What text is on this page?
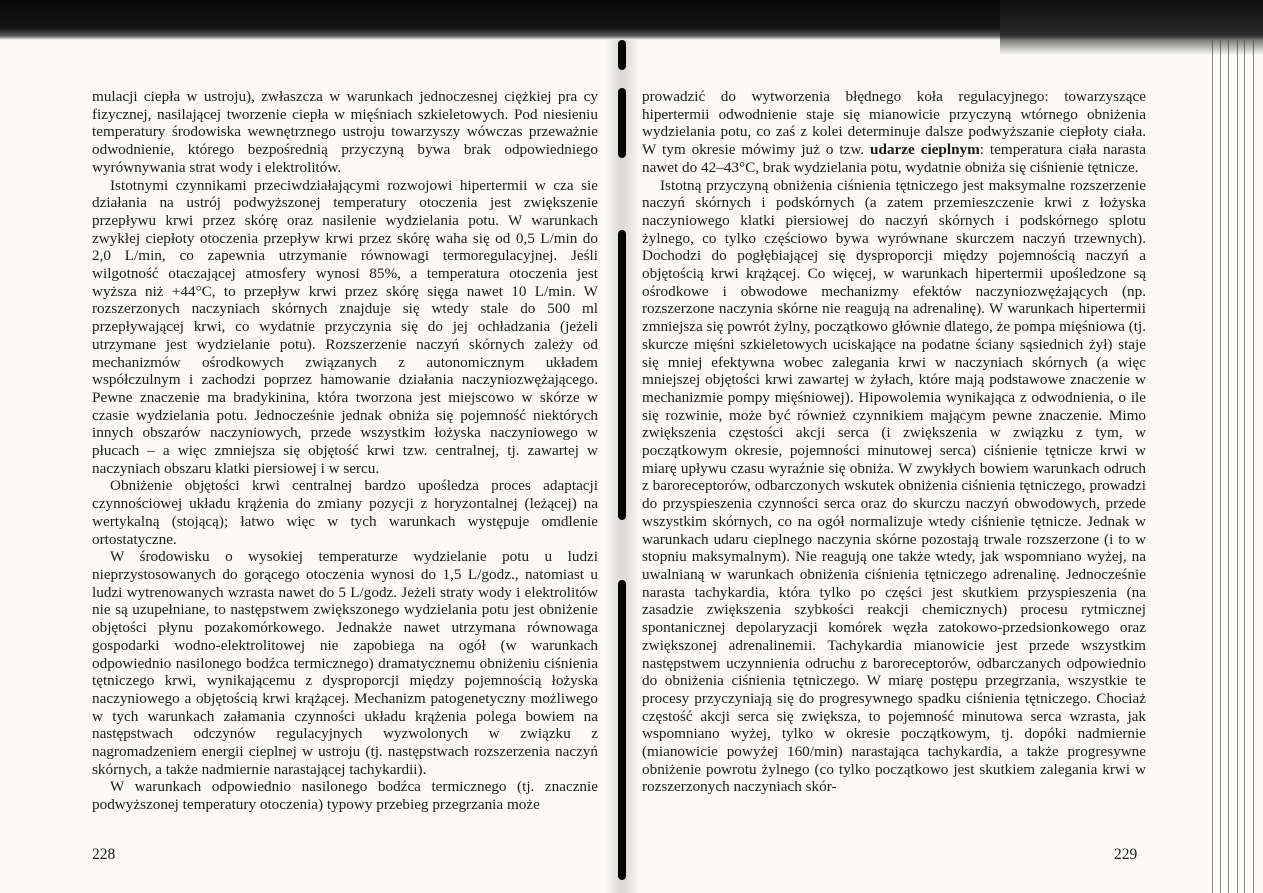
mulacji ciepła w ustroju), zwłaszcza w warunkach jednoczesnej ciężkiej pra cy fizycznej, nasilającej tworzenie ciepła w mięśniach szkieletowych. Pod niesieniu temperatury środowiska wewnętrznego ustroju towarzyszy wówczas przeważnie odwodnienie, którego bezpośrednią przyczyną bywa brak odpowiedniego wyrównywania strat wody i elektrolitów.

Istotnymi czynnikami przeciwdziałającymi rozwojowi hipertermii w cza sie działania na ustrój podwyższonej temperatury otoczenia jest zwiększenie przepływu krwi przez skórę oraz nasilenie wydzielania potu. W warunkach zwykłej ciepłoty otoczenia przepływ krwi przez skórę waha się od 0,5 L/min do 2,0 L/min, co zapewnia utrzymanie równowagi termoregulacyjnej. Jeśli wilgotność otaczającej atmosfery wynosi 85%, a temperatura otoczenia jest wyższa niż +44°C, to przepływ krwi przez skórę sięga nawet 10 L/min. W rozszerzonych naczyniach skórnych znajduje się wtedy stale do 500 ml przepływającej krwi, co wydatnie przyczynia się do jej ochładzania (jeżeli utrzymane jest wydzielanie potu). Rozszerzenie naczyń skórnych zależy od mechanizmów ośrodkowych związanych z autonomicznym układem współczulnym i zachodzi poprzez hamowanie działania naczyniozwężającego. Pewne znaczenie ma bradykinina, która tworzona jest miejscowo w skórze w czasie wydzielania potu. Jednocześnie jednak obniża się pojemność niektórych innych obszarów naczyniowych, przede wszystkim łożyska naczyniowego w płucach – a więc zmniejsza się objętość krwi tzw. centralnej, tj. zawartej w naczyniach obszaru klatki piersiowej i w sercu.

Obniżenie objętości krwi centralnej bardzo upośledza proces adaptacji czynnościowej układu krążenia do zmiany pozycji z horyzontalnej (leżącej) na wertykalną (stojącą); łatwo więc w tych warunkach występuje omdlenie ortostatyczne.

W środowisku o wysokiej temperaturze wydzielanie potu u ludzi nieprzystosowanych do gorącego otoczenia wynosi do 1,5 L/godz., natomiast u ludzi wytrenowanych wzrasta nawet do 5 L/godz. Jeżeli straty wody i elektrolitów nie są uzupełniane, to następstwem zwiększonego wydzielania potu jest obniżenie objętości płynu pozakomórkowego. Jednakże nawet utrzymana równowaga gospodarki wodno-elektrolitowej nie zapobiega na ogół (w warunkach odpowiednio nasilonego bodźca termicznego) dramatycznemu obniżeniu ciśnienia tętniczego krwi, wynikającemu z dysproporcji między pojemnością łożyska naczyniowego a objętością krwi krążącej. Mechanizm patogenetyczny możliwego w tych warunkach załamania czynności układu krążenia polega bowiem na następstwach odczynów regulacyjnych wyzwolonych w związku z nagromadzeniem energii cieplnej w ustroju (tj. następstwach rozszerzenia naczyń skórnych, a także nadmiernie narastającej tachykardii).

W warunkach odpowiednio nasilonego bodźca termicznego (tj. znacznie podwyższonej temperatury otoczenia) typowy przebieg przegrzania może

228

prowadzić do wytworzenia błędnego koła regulacyjnego: towarzyszące hipertermii odwodnienie staje się mianowicie przyczyną wtórnego obniżenia wydzielania potu, co zaś z kolei determinuje dalsze podwyższanie ciepłoty ciała. W tym okresie mówimy już o tzw. udarze cieplnym: temperatura ciała narasta nawet do 42–43°C, brak wydzielania potu, wydatnie obniża się ciśnienie tętnicze.

Istotną przyczyną obniżenia ciśnienia tętniczego jest maksymalne rozszerzenie naczyń skórnych i podskórnych (a zatem przemieszczenie krwi z łożyska naczyniowego klatki piersiowej do naczyń skórnych i podskórnego splotu żylnego, co tylko częściowo bywa wyrównane skurczem naczyń trzewnych). Dochodzi do pogłębiającej się dysproporcji między pojemnością naczyń a objętością krwi krążącej. Co więcej, w warunkach hipertermii upośledzone są ośrodkowe i obwodowe mechanizmy efektów naczyniozwężających (np. rozszerzone naczynia skórne nie reagują na adrenalinę). W warunkach hipertermii zmniejsza się powrót żylny, początkowo głównie dlatego, że pompa mięśniowa (tj. skurcze mięśni szkieletowych uciskające na podatne ściany sąsiednich żył) staje się mniej efektywna wobec zalegania krwi w naczyniach skórnych (a więc mniejszej objętości krwi zawartej w żyłach, które mają podstawowe znaczenie w mechanizmie pompy mięśniowej). Hipowolemia wynikająca z odwodnienia, o ile się rozwinie, może być również czynnikiem mającym pewne znaczenie. Mimo zwiększenia częstości akcji serca (i zwiększenia w związku z tym, w początkowym okresie, pojemności minutowej serca) ciśnienie tętnicze krwi w miarę upływu czasu wyraźnie się obniża. W zwykłych bowiem warunkach odruch z baroreceptorów, odbarczonych wskutek obniżenia ciśnienia tętniczego, prowadzi do przyspieszenia czynności serca oraz do skurczu naczyń obwodowych, przede wszystkim skórnych, co na ogół normalizuje wtedy ciśnienie tętnicze. Jednak w warunkach udaru cieplnego naczynia skórne pozostają trwale rozszerzone (i to w stopniu maksymalnym). Nie reagują one także wtedy, jak wspomniano wyżej, na uwalnianą w warunkach obniżenia ciśnienia tętniczego adrenalinę. Jednocześnie narasta tachykardia, która tylko po części jest skutkiem przyspieszenia (na zasadzie zwiększenia szybkości reakcji chemicznych) procesu rytmicznej spontanicznej depolaryzacji komórek węzła zatokowo-przedsionkowego oraz zwiększonej adrenalinemii. Tachykardia mianowicie jest przede wszystkim następstwem uczynnienia odruchu z baroreceptorów, odbarczanych odpowiednio do obniżenia ciśnienia tętniczego. W miarę postępu przegrzania, wszystkie te procesy przyczyniają się do progresywnego spadku ciśnienia tętniczego. Chociaż częstość akcji serca się zwiększa, to pojemność minutowa serca wzrasta, jak wspomniano wyżej, tylko w okresie początkowym, tj. dopóki nadmiernie (mianowicie powyżej 160/min) narastająca tachykardia, a także progresywne obniżenie powrotu żylnego (co tylko początkowo jest skutkiem zalegania krwi w rozszerzonych naczyniach skór-

229
